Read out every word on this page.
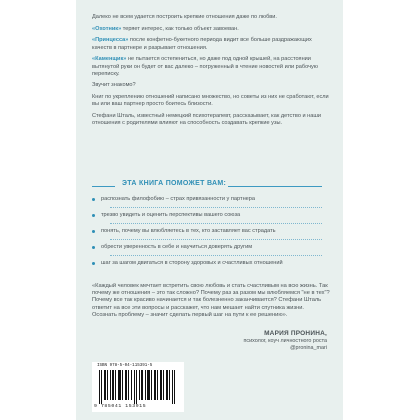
Далеко не всем удается построить крепкие отношения даже по любви.

«Охотник» теряет интерес, как только объект завоеван.

«Принцесса» после конфетно-букетного периода видит все больше раздражающих качеств в партнере и разрывает отношения.

«Каменщик» не пытается остепениться, но даже под одной крышей, на расстоянии вытянутой руки он будет от вас далеко – погруженный в чтение новостей или рабочую переписку.

Звучит знакомо?

Книг по укреплению отношений написано множество, но советы из них не сработают, если вы или ваш партнер просто боитесь близости.

Стефани Шталь, известный немецкий психотерапевт, рассказывает, как детство и наши отношения с родителями влияют на способность создавать крепкие узы.

ЭТА КНИГА ПОМОЖЕТ ВАМ:
распознать филофобию – страх привязанности у партнера
трезво увидеть и оценить перспективы вашего союза
понять, почему вы влюбляетесь в тех, кто заставляет вас страдать
обрести уверенность в себе и научиться доверять другим
шаг за шагом двигаться в сторону здоровых и счастливых отношений
«Каждый человек мечтает встретить свою любовь и стать счастливым на всю жизнь. Так почему же отношения – это так сложно? Почему раз за разом мы влюбляемся "не в тех"? Почему все так красиво начинается и так болезненно заканчивается? Стефани Шталь ответит на все эти вопросы и расскажет, что нам мешает найти спутника жизни. Осознать проблему – значит сделать первый шаг на пути к ее решению».
МАРИЯ ПРОНИНА,
психолог, коуч личностного роста
@pronina_mari
ISBN 978-5-04-115391-5
9 785041 153915
